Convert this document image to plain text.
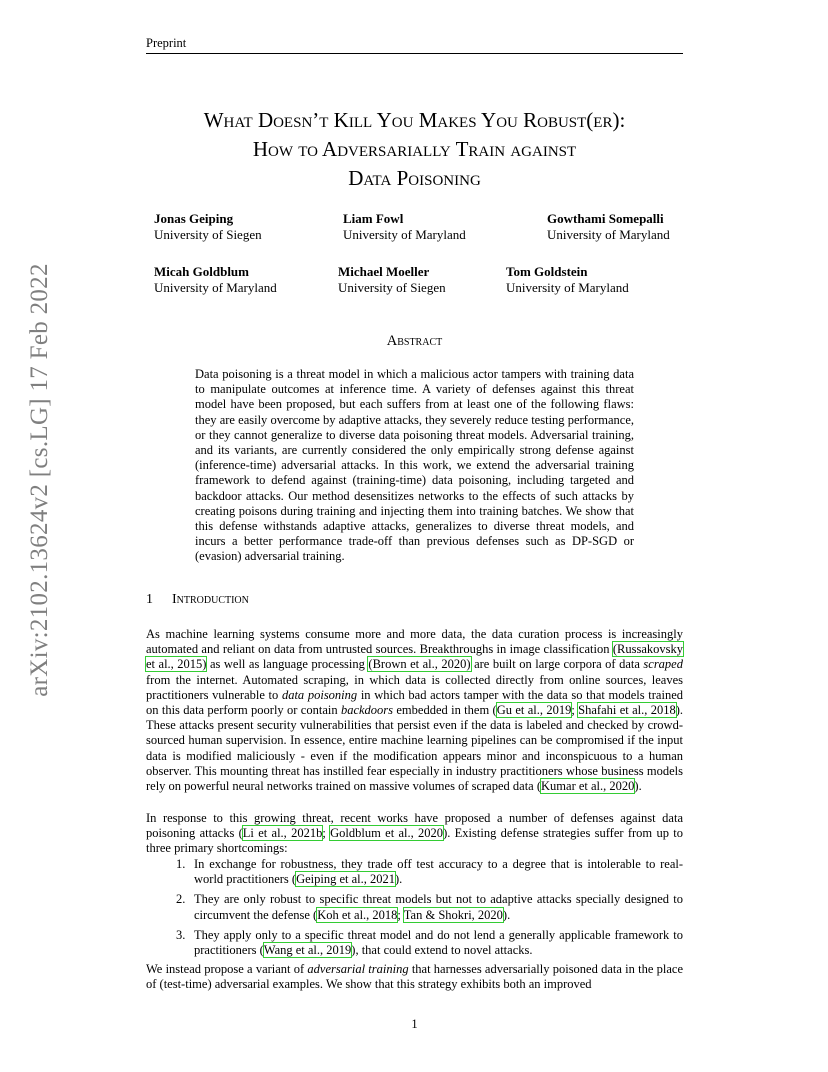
Preprint
arXiv:2102.13624v2 [cs.LG] 17 Feb 2022
What Doesn’t Kill You Makes You Robust(er):
How to Adversarially Train against
Data Poisoning
Jonas Geiping
University of Siegen
Liam Fowl
University of Maryland
Gowthami Somepalli
University of Maryland
Micah Goldblum
University of Maryland
Michael Moeller
University of Siegen
Tom Goldstein
University of Maryland
Abstract
Data poisoning is a threat model in which a malicious actor tampers with training data to manipulate outcomes at inference time. A variety of defenses against this threat model have been proposed, but each suffers from at least one of the following flaws: they are easily overcome by adaptive attacks, they severely reduce testing performance, or they cannot generalize to diverse data poisoning threat models. Adversarial training, and its variants, are currently considered the only empirically strong defense against (inference-time) adversarial attacks. In this work, we extend the adversarial training framework to defend against (training-time) data poisoning, including targeted and backdoor attacks. Our method desensitizes networks to the effects of such attacks by creating poisons during training and injecting them into training batches. We show that this defense withstands adaptive attacks, generalizes to diverse threat models, and incurs a better performance trade-off than previous defenses such as DP-SGD or (evasion) adversarial training.
1 Introduction
As machine learning systems consume more and more data, the data curation process is increasingly automated and reliant on data from untrusted sources. Breakthroughs in image classification (Russakovsky et al., 2015) as well as language processing (Brown et al., 2020) are built on large corpora of data scraped from the internet. Automated scraping, in which data is collected directly from online sources, leaves practitioners vulnerable to data poisoning in which bad actors tamper with the data so that models trained on this data perform poorly or contain backdoors embedded in them (Gu et al., 2019; Shafahi et al., 2018). These attacks present security vulnerabilities that persist even if the data is labeled and checked by crowd-sourced human supervision. In essence, entire machine learning pipelines can be compromised if the input data is modified maliciously - even if the modification appears minor and inconspicuous to a human observer. This mounting threat has instilled fear especially in industry practitioners whose business models rely on powerful neural networks trained on massive volumes of scraped data (Kumar et al., 2020).
In response to this growing threat, recent works have proposed a number of defenses against data poisoning attacks (Li et al., 2021b; Goldblum et al., 2020). Existing defense strategies suffer from up to three primary shortcomings:
1. In exchange for robustness, they trade off test accuracy to a degree that is intolerable to real-world practitioners (Geiping et al., 2021).
2. They are only robust to specific threat models but not to adaptive attacks specially designed to circumvent the defense (Koh et al., 2018; Tan & Shokri, 2020).
3. They apply only to a specific threat model and do not lend a generally applicable framework to practitioners (Wang et al., 2019), that could extend to novel attacks.
We instead propose a variant of adversarial training that harnesses adversarially poisoned data in the place of (test-time) adversarial examples. We show that this strategy exhibits both an improved
1
